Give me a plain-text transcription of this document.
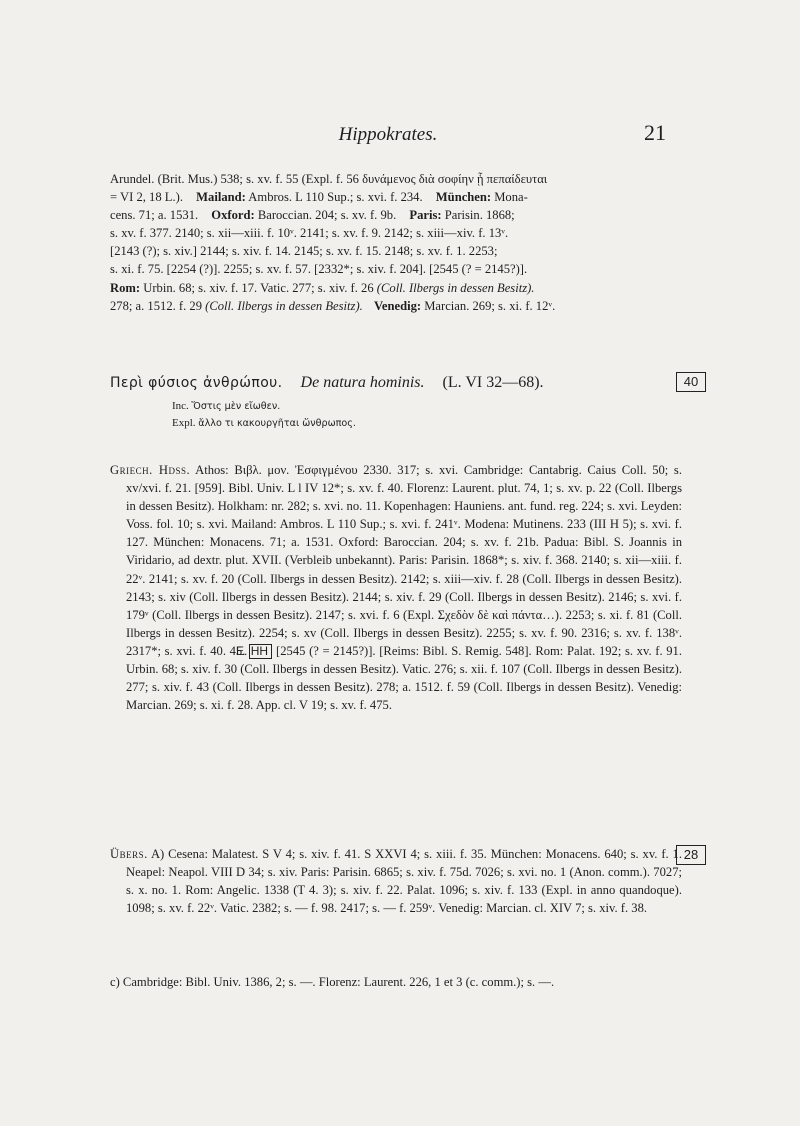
Hippokrates.	21
Arundel. (Brit. Mus.) 538; s. xv. f. 55 (Expl. f. 56 δυνάμενος διὰ σοφίην ᾗ πεπαίδευται
= VI 2, 18 L.). Mailand: Ambros. L 110 Sup.; s. xvi. f. 234. München: Mona-
cens. 71; a. 1531. Oxford: Baroccian. 204; s. xv. f. 9b. Paris: Parisin. 1868;
s. xv. f. 377. 2140; s. xii—xiii. f. 10ᵛ. 2141; s. xv. f. 9. 2142; s. xiii—xiv. f. 13ᵛ.
[2143 (?); s. xiv.] 2144; s. xiv. f. 14. 2145; s. xv. f. 15. 2148; s. xv. f. 1. 2253;
s. xi. f. 75. [2254 (?)]. 2255; s. xv. f. 57. [2332*; s. xiv. f. 204]. [2545 (? = 2145?)].
Rom: Urbin. 68; s. xiv. f. 17. Vatic. 277; s. xiv. f. 26 (Coll. Ilbergs in dessen Besitz).
278; a. 1512. f. 29 (Coll. Ilbergs in dessen Besitz). Venedig: Marcian. 269; s. xi. f. 12ᵛ.
Περὶ φύσιος ἀνθρώπου. De natura hominis. (L. VI 32—68).	40
Inc. Ὅστις μὲν εἴωθεν.
Expl. ἄλλο τι κακουργῆται ὥνθρωπος.
Griech. Hdss. Athos: Βιβλ. μον. Ἐσφιγμένου 2330. 317; s. xvi. Cambridge: Cantabrig. Caius Coll. 50; s. xv/xvi. f. 21. [959]. Bibl. Univ. L l IV 12*; s. xv. f. 40. Florenz: Laurent. plut. 74, 1; s. xv. p. 22 (Coll. Ilbergs in dessen Besitz). Holkham: nr. 282; s. xvi. no. 11. Kopenhagen: Hauniens. ant. fund. reg. 224; s. xvi. Leyden: Voss. fol. 10; s. xvi. Mailand: Ambros. L 110 Sup.; s. xvi. f. 241ᵛ. Modena: Mutinens. 233 (III H 5); s. xvi. f. 127. München: Monacens. 71; a. 1531. Oxford: Baroccian. 204; s. xv. f. 21b. Padua: Bibl. S. Joannis in Viridario, ad dextr. plut. XVII. (Verbleib unbekannt). Paris: Parisin. 1868*; s. xiv. f. 368. 2140; s. xii—xiii. f. 22ᵛ. 2141; s. xv. f. 20 (Coll. Ilbergs in dessen Besitz). 2142; s. xiii—xiv. f. 28 (Coll. Ilbergs in dessen Besitz). 2143; s. xiv (Coll. Ilbergs in dessen Besitz). 2144; s. xiv. f. 29 (Coll. Ilbergs in dessen Besitz). 2146; s. xvi. f. 179ᵛ (Coll. Ilbergs in dessen Besitz). 2147; s. xvi. f. 6 (Expl. Σχεδὸν δὲ καὶ πάντα…). 2253; s. xi. f. 81 (Coll. Ilbergs in dessen Besitz). 2254; s. xv (Coll. Ilbergs in dessen Besitz). 2255; s. xv. f. 90. 2316; s. xv. f. 138ᵛ. 2317*; s. xvi. f. 40. 45. E. HH [2545 (? = 2145?)]. [Reims: Bibl. S. Remig. 548]. Rom: Palat. 192; s. xv. f. 91. Urbin. 68; s. xiv. f. 30 (Coll. Ilbergs in dessen Besitz). Vatic. 276; s. xii. f. 107 (Coll. Ilbergs in dessen Besitz). 277; s. xiv. f. 43 (Coll. Ilbergs in dessen Besitz). 278; a. 1512. f. 59 (Coll. Ilbergs in dessen Besitz). Venedig: Marcian. 269; s. xi. f. 28. App. cl. V 19; s. xv. f. 475.
Übers. A) Cesena: Malatest. S V 4; s. xiv. f. 41. S XXVI 4; s. xiii. f. 35. München: Monacens. 640; s. xv. f. 1. Neapel: Neapol. VIII D 34; s. xiv. Paris: Parisin. 6865; s. xiv. f. 75d. 7026; s. xvi. no. 1 (Anon. comm.). 7027; s. x. no. 1. Rom: Angelic. 1338 (T 4. 3); s. xiv. f. 22. Palat. 1096; s. xiv. f. 133 (Expl. in anno quandoque). 1098; s. xv. f. 22ᵛ. Vatic. 2382; s. — f. 98. 2417; s. — f. 259ᵛ. Venedig: Marcian. cl. XIV 7; s. xiv. f. 38.
28
c) Cambridge: Bibl. Univ. 1386, 2; s. —. Florenz: Laurent. 226, 1 et 3 (c. comm.); s. —.
